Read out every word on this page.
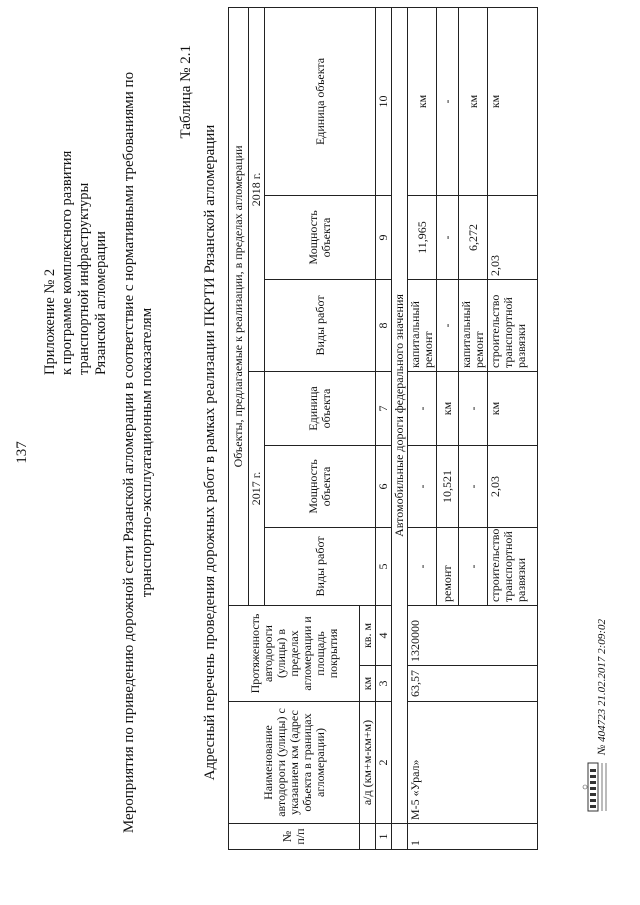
137
Приложение № 2 к программе комплексного развития транспортной инфраструктуры Рязанской агломерации Мероприятия по приведению дорожной сети Рязанской агломерации в соответствие с нормативными требованиями по транспортно-эксплуатационным показателям
Таблица № 2.1
Адресный перечень проведения дорожных работ в рамках реализации ПКРТИ Рязанской агломерации
№ п/п	Наименование автодороги (улицы) с указанием км (адрес объекта в границах агломерации)	Протяженность автодороги (улицы) в пределах агломерации и площадь покрытия		Объекты, предлагаемые к реализации, в пределах агломерации					
				2017 г.			2018 г.		
				Виды работ	Мощность объекта	Единица объекта	Виды работ	Мощность объекта	Единица объекта
	а/д (км+м-км+м)	км	кв. м						
1	2	3	4	5	6	7	8	9	10
	Автомобильные дороги федерального значения								
1	М-5 «Урал»	63,57	1320000	-	-	-	капитальный ремонт	11,965	км
				ремонт	10,521	км	-	-	-
				-	-	-	капитальный ремонт	6,272	км
				строительство транспортной развязки	2,03	км	строительство транспортной развязки	2,03	км
№ 404723 21.02.2017 2:09:02
